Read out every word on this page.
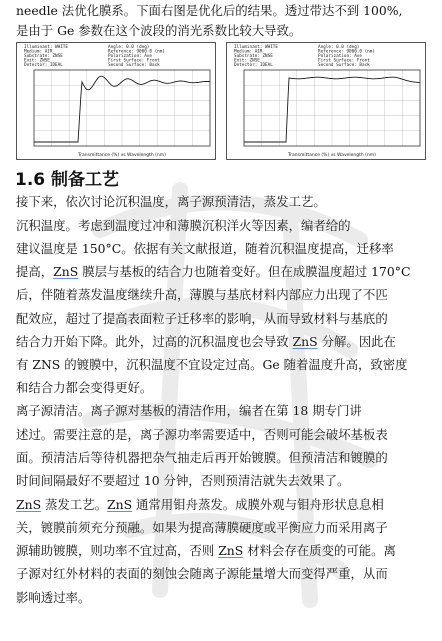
needle 法优化膜系。下面右图是优化后的结果。透过带达不到 100%,
是由于 Ge 参数在这个波段的消光系数比较大导致。
Illuminant: WHITE	Angle: 0.0 (deg)
Medium: AIR	Reference: 9000.0 (nm)
Substrate: ZNSE	Polarization: Ave
Exit: ZNSE	First Surface: Front
Detector: IDEAL	Second Surface: Back
Transmittance (%) vs Wavelength (nm)
Illuminant: WHITE	Angle: 0.0 (deg)
Medium: AIR	Reference: 9000.0 (nm)
Substrate: ZNSE	Polarization: Ave
Exit: ZNSE	First Surface: Front
Detector: IDEAL	Second Surface: Back
Transmittance (%) vs Wavelength (nm)
1.6 制备工艺
接下来，依次讨论沉积温度，离子源预清洁，蒸发工艺。
沉积温度。考虑到温度过冲和薄膜沉积洋火等因素，编者给的
建议温度是 150°C。依据有关文献报道，随着沉积温度提高，迁移率
提高，ZnS 膜层与基板的结合力也随着变好。但在成膜温度超过 170°C
后，伴随着蒸发温度继续升高，薄膜与基底材料内部应力出现了不匹
配效应，超过了提高表面粒子迁移率的影响，从而导致材料与基底的
结合力开始下降。此外，过高的沉积温度也会导致 ZnS 分解。因此在
有 ZNS 的镀膜中，沉积温度不宜设定过高。Ge 随着温度升高，致密度
和结合力都会变得更好。
离子源清洁。离子源对基板的清洁作用，编者在第 18 期专门讲
述过。需要注意的是，离子源功率需要适中，否则可能会破坏基板表
面。预清洁后等待机器把杂气抽走后再开始镀膜。但预清洁和镀膜的
时间间隔最好不要超过 10 分钟，否则预清洁就失去效果了。
ZnS 蒸发工艺。ZnS 通常用钼舟蒸发。成膜外观与钼舟形状息息相
关，镀膜前须充分预融。如果为提高薄膜硬度或平衡应力而采用离子
源辅助镀膜，则功率不宜过高，否则 ZnS 材料会存在质变的可能。离
子源对红外材料的表面的刻蚀会随离子源能量增大而变得严重，从而
影响透过率。
